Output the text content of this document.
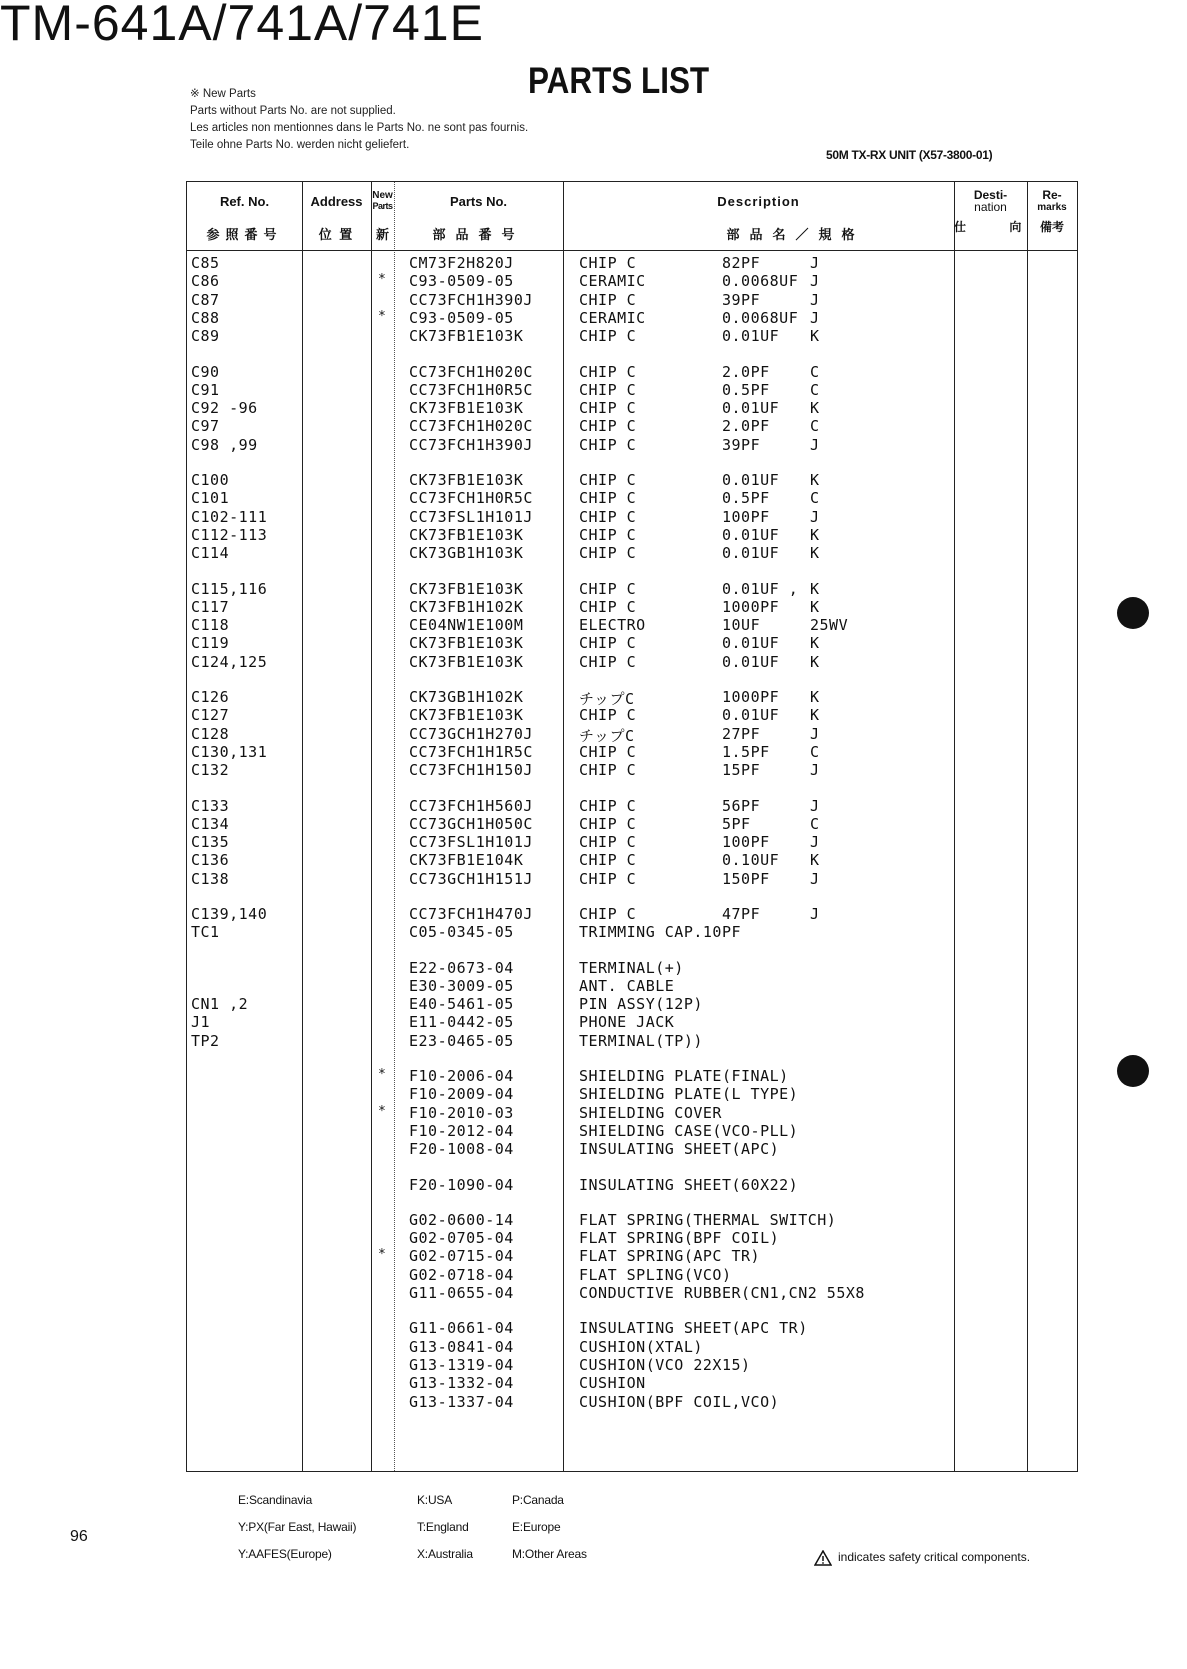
TM-641A/741A/741E
PARTS LIST
※ New Parts
Parts without Parts No. are not supplied.
Les articles non mentionnes dans le Parts No. ne sont pas fournis.
Teile ohne Parts No. werden nicht geliefert.
50M TX-RX UNIT (X57-3800-01)
Ref. No.
参照番号
Address
位 置
New
Parts
新
Parts No.
部品番号
Description
部品名／規格
Desti-
nation
仕 向
Re-
marks
備考
C85	CM73F2H820J	CHIP C	82PF	J
C86	* C93-0509-05	CERAMIC	0.0068UF J
C87	CC73FCH1H390J	CHIP C	39PF	J
C88	* C93-0509-05	CERAMIC	0.0068UF J
C89	CK73FB1E103K	CHIP C	0.01UF K
C90	CC73FCH1H020C	CHIP C	2.0PF	C
C91	CC73FCH1H0R5C	CHIP C	0.5PF	C
C92 -96	CK73FB1E103K	CHIP C	0.01UF K
C97	CC73FCH1H020C	CHIP C	2.0PF	C
C98 ,99	CC73FCH1H390J	CHIP C	39PF	J
C100	CK73FB1E103K	CHIP C	0.01UF K
C101	CC73FCH1H0R5C	CHIP C	0.5PF	C
C102-111	CC73FSL1H101J	CHIP C	100PF	J
C112-113	CK73FB1E103K	CHIP C	0.01UF K
C114	CK73GB1H103K	CHIP C	0.01UF K
C115,116	CK73FB1E103K	CHIP C	0.01UF , K
C117	CK73FB1H102K	CHIP C	1000PF K
C118	CE04NW1E100M	ELECTRO	10UF	25WV
C119	CK73FB1E103K	CHIP C	0.01UF K
C124,125	CK73FB1E103K	CHIP C	0.01UF K
C126	CK73GB1H102K	チップC	1000PF K
C127	CK73FB1E103K	CHIP C	0.01UF K
C128	CC73GCH1H270J	チップC	27PF	J
C130,131	CC73FCH1H1R5C	CHIP C	1.5PF	C
C132	CC73FCH1H150J	CHIP C	15PF	J
C133	CC73FCH1H560J	CHIP C	56PF	J
C134	CC73GCH1H050C	CHIP C	5PF	C
C135	CC73FSL1H101J	CHIP C	100PF	J
C136	CK73FB1E104K	CHIP C	0.10UF K
C138	CC73GCH1H151J	CHIP C	150PF	J
C139,140	CC73FCH1H470J	CHIP C	47PF	J
TC1	C05-0345-05	TRIMMING CAP.10PF
E22-0673-04	TERMINAL(+)
E30-3009-05	ANT. CABLE
CN1 ,2	E40-5461-05	PIN ASSY(12P)
J1	E11-0442-05	PHONE JACK
TP2	E23-0465-05	TERMINAL(TP))
* F10-2006-04	SHIELDING PLATE(FINAL)
F10-2009-04	SHIELDING PLATE(L TYPE)
* F10-2010-03	SHIELDING COVER
F10-2012-04	SHIELDING CASE(VCO-PLL)
F20-1008-04	INSULATING SHEET(APC)
F20-1090-04	INSULATING SHEET(60X22)
G02-0600-14	FLAT SPRING(THERMAL SWITCH)
G02-0705-04	FLAT SPRING(BPF COIL)
* G02-0715-04	FLAT SPRING(APC TR)
G02-0718-04	FLAT SPLING(VCO)
G11-0655-04	CONDUCTIVE RUBBER(CN1,CN2 55X8
G11-0661-04	INSULATING SHEET(APC TR)
G13-0841-04	CUSHION(XTAL)
G13-1319-04	CUSHION(VCO 22X15)
G13-1332-04	CUSHION
G13-1337-04	CUSHION(BPF COIL,VCO)
E:Scandinavia
Y:PX(Far East, Hawaii)
Y:AAFES(Europe)
K:USA
T:England
X:Australia
P:Canada
E:Europe
M:Other Areas
96
indicates safety critical components.
